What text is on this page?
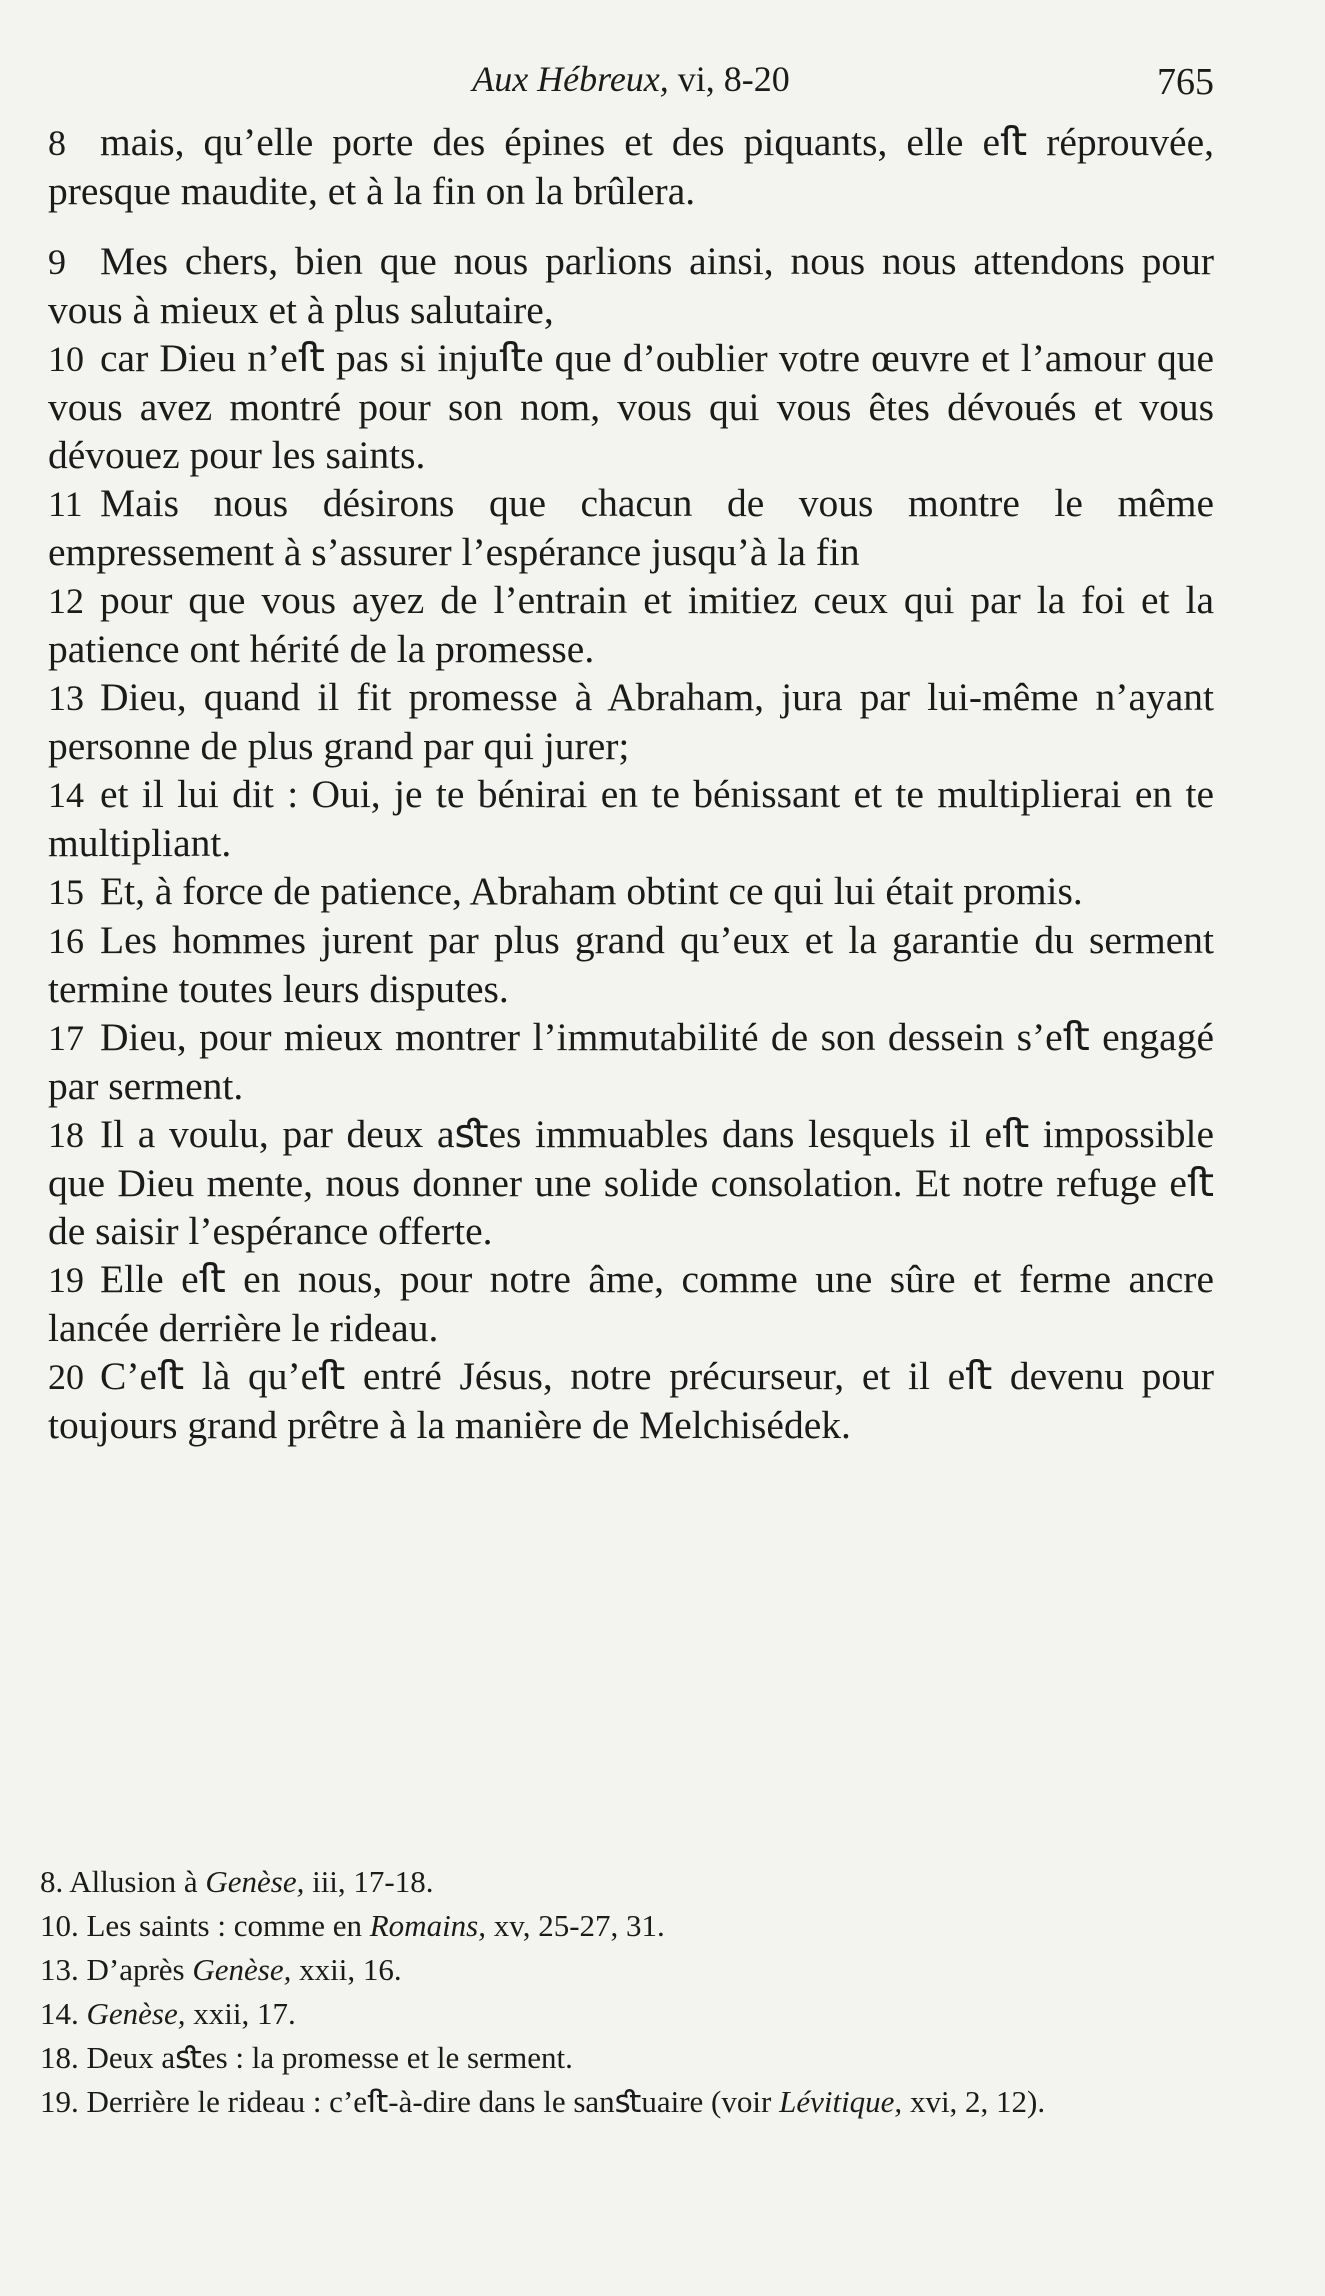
Aux Hébreux, vi, 8-20	765

8 mais, qu’elle porte des épines et des piquants, elle eﬅ réprouvée, presque maudite, et à la fin on la brûlera.

9 Mes chers, bien que nous parlions ainsi, nous nous attendons pour vous à mieux et à plus salutaire,

10 car Dieu n’eﬅ pas si injuﬅe que d’oublier votre œuvre et l’amour que vous avez montré pour son nom, vous qui vous êtes dévoués et vous dévouez pour les saints.

11 Mais nous désirons que chacun de vous montre le même empressement à s’assurer l’espérance jusqu’à la fin

12 pour que vous ayez de l’entrain et imitiez ceux qui par la foi et la patience ont hérité de la promesse.

13 Dieu, quand il fit promesse à Abraham, jura par lui-même n’ayant personne de plus grand par qui jurer;

14 et il lui dit : Oui, je te bénirai en te bénissant et te multiplierai en te multipliant.

15 Et, à force de patience, Abraham obtint ce qui lui était promis.

16 Les hommes jurent par plus grand qu’eux et la garantie du serment termine toutes leurs disputes.

17 Dieu, pour mieux montrer l’immutabilité de son dessein s’eﬅ engagé par serment.

18 Il a voulu, par deux aﬆes immuables dans lesquels il eﬅ impossible que Dieu mente, nous donner une solide consolation. Et notre refuge eﬅ de saisir l’espérance offerte.

19 Elle eﬅ en nous, pour notre âme, comme une sûre et ferme ancre lancée derrière le rideau.

20 C’eﬅ là qu’eﬅ entré Jésus, notre précurseur, et il eﬅ devenu pour toujours grand prêtre à la manière de Melchisédek.

8. Allusion à Genèse, iii, 17-18.

10. Les saints : comme en Romains, xv, 25-27, 31.

13. D’après Genèse, xxii, 16.

14. Genèse, xxii, 17.

18. Deux aﬆes : la promesse et le serment.

19. Derrière le rideau : c’eﬅ-à-dire dans le sanﬆuaire (voir Lévitique, xvi, 2, 12).
